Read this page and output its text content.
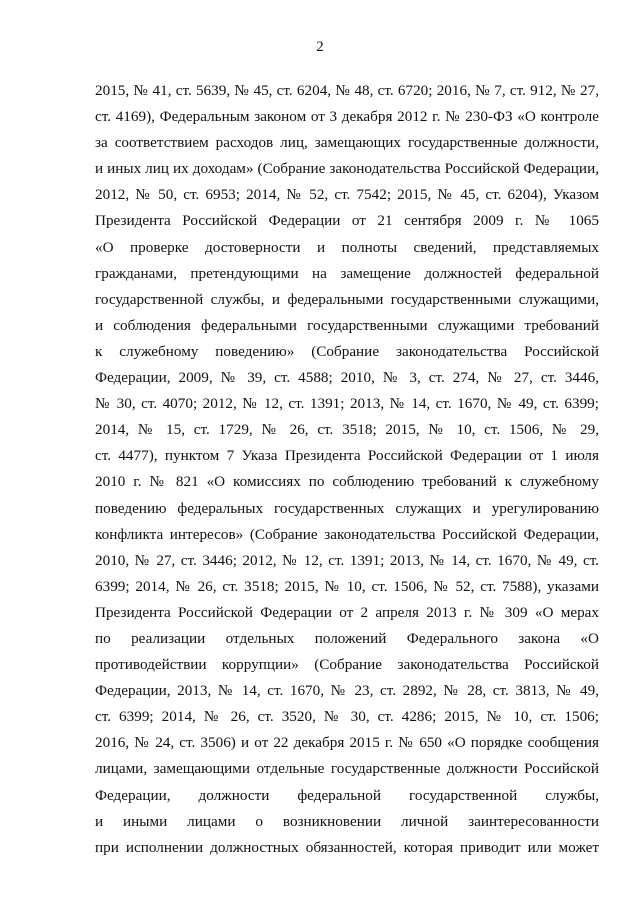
2
2015, № 41, ст. 5639, № 45, ст. 6204, № 48, ст. 6720; 2016, № 7, ст. 912, № 27,
ст. 4169), Федеральным законом от 3 декабря 2012 г. № 230-ФЗ «О контроле
за соответствием расходов лиц, замещающих государственные должности,
и иных лиц их доходам» (Собрание законодательства Российской Федерации,
2012, № 50, ст. 6953; 2014, № 52, ст. 7542; 2015, № 45, ст. 6204), Указом
Президента Российской Федерации от 21 сентября 2009 г. № 1065
«О проверке достоверности и полноты сведений, представляемых
гражданами, претендующими на замещение должностей федеральной
государственной службы, и федеральными государственными служащими,
и соблюдения федеральными государственными служащими требований
к служебному поведению» (Собрание законодательства Российской
Федерации, 2009, № 39, ст. 4588; 2010, № 3, ст. 274, № 27, ст. 3446,
№ 30, ст. 4070; 2012, № 12, ст. 1391; 2013, № 14, ст. 1670, № 49, ст. 6399;
2014, № 15, ст. 1729, № 26, ст. 3518; 2015, № 10, ст. 1506, № 29,
ст. 4477), пунктом 7 Указа Президента Российской Федерации от 1 июля
2010 г. № 821 «О комиссиях по соблюдению требований к служебному
поведению федеральных государственных служащих и урегулированию
конфликта интересов» (Собрание законодательства Российской Федерации,
2010, № 27, ст. 3446; 2012, № 12, ст. 1391; 2013, № 14, ст. 1670, № 49, ст.
6399; 2014, № 26, ст. 3518; 2015, № 10, ст. 1506, № 52, ст. 7588), указами
Президента Российской Федерации от 2 апреля 2013 г. № 309 «О мерах
по реализации отдельных положений Федерального закона «О
противодействии коррупции» (Собрание законодательства Российской
Федерации, 2013, № 14, ст. 1670, № 23, ст. 2892, № 28, ст. 3813, № 49,
ст. 6399; 2014, № 26, ст. 3520, № 30, ст. 4286; 2015, № 10, ст. 1506;
2016, № 24, ст. 3506) и от 22 декабря 2015 г. № 650 «О порядке сообщения
лицами, замещающими отдельные государственные должности Российской
Федерации, должности федеральной государственной службы,
и иными лицами о возникновении личной заинтересованности
при исполнении должностных обязанностей, которая приводит или может
